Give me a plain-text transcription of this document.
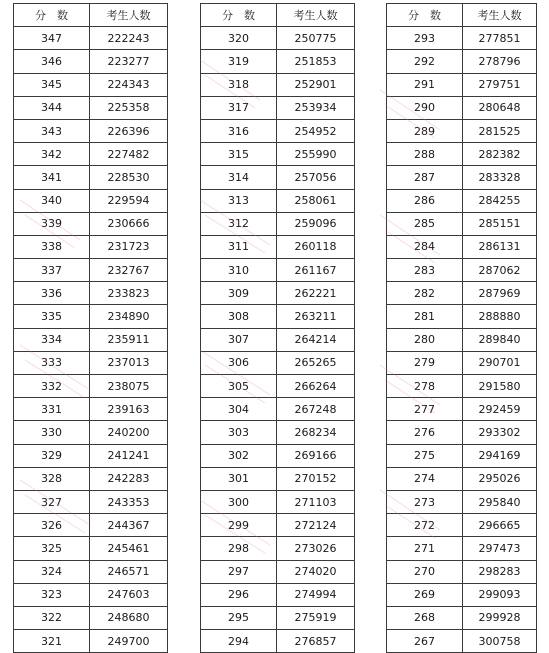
分　数	考生人数
347	222243
346	223277
345	224343
344	225358
343	226396
342	227482
341	228530
340	229594
339	230666
338	231723
337	232767
336	233823
335	234890
334	235911
333	237013
332	238075
331	239163
330	240200
329	241241
328	242283
327	243353
326	244367
325	245461
324	246571
323	247603
322	248680
321	249700
分　数	考生人数
320	250775
319	251853
318	252901
317	253934
316	254952
315	255990
314	257056
313	258061
312	259096
311	260118
310	261167
309	262221
308	263211
307	264214
306	265265
305	266264
304	267248
303	268234
302	269166
301	270152
300	271103
299	272124
298	273026
297	274020
296	274994
295	275919
294	276857
分　数	考生人数
293	277851
292	278796
291	279751
290	280648
289	281525
288	282382
287	283328
286	284255
285	285151
284	286131
283	287062
282	287969
281	288880
280	289840
279	290701
278	291580
277	292459
276	293302
275	294169
274	295026
273	295840
272	296665
271	297473
270	298283
269	299093
268	299928
267	300758
